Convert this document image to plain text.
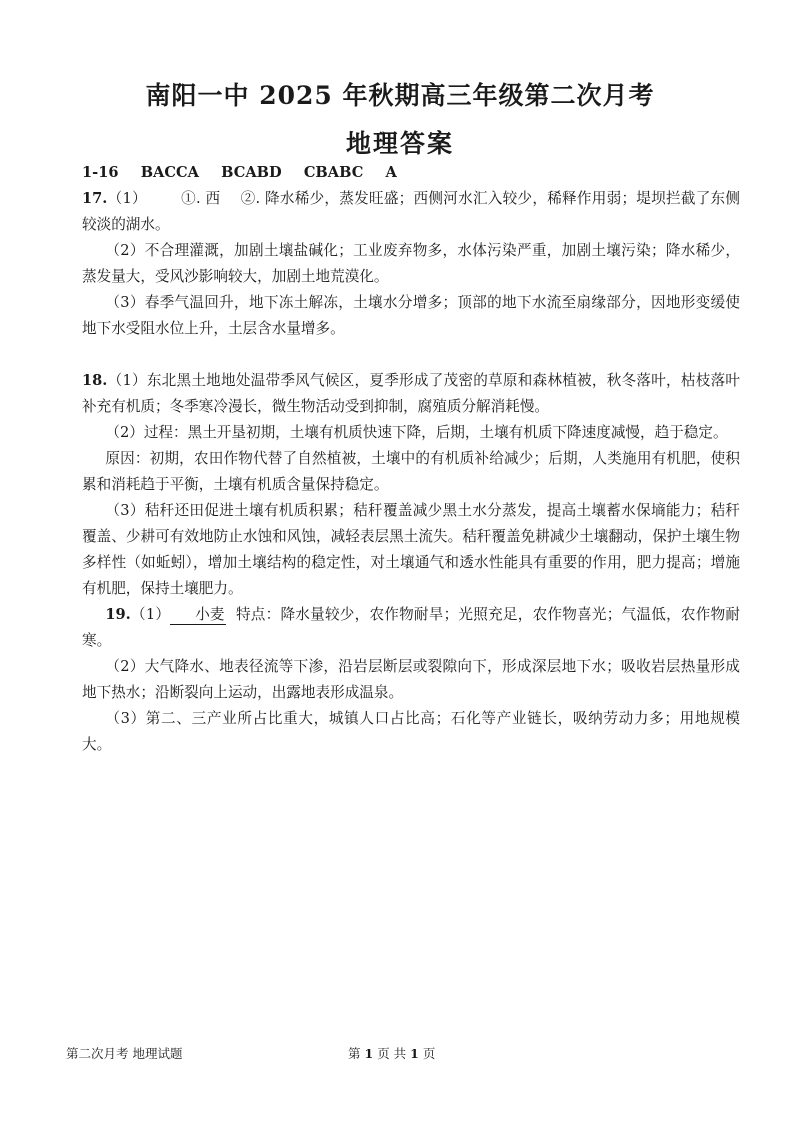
南阳一中 2025 年秋期高三年级第二次月考
地理答案

1-16 BACCA BCABD CBABC A

17.（1） ①. 西 ②. 降水稀少，蒸发旺盛；西侧河水汇入较少，稀释作用弱；堤坝拦截了东侧较淡的湖水。

（2）不合理灌溉，加剧土壤盐碱化；工业废弃物多，水体污染严重，加剧土壤污染；降水稀少，蒸发量大，受风沙影响较大，加剧土地荒漠化。

（3）春季气温回升，地下冻土解冻，土壤水分增多；顶部的地下水流至扇缘部分，因地形变缓使地下水受阻水位上升，土层含水量增多。

18.（1）东北黑土地地处温带季风气候区，夏季形成了茂密的草原和森林植被，秋冬落叶，枯枝落叶补充有机质；冬季寒冷漫长，微生物活动受到抑制，腐殖质分解消耗慢。

（2）过程：黑土开垦初期，土壤有机质快速下降，后期，土壤有机质下降速度减慢，趋于稳定。

原因：初期，农田作物代替了自然植被，土壤中的有机质补给减少；后期，人类施用有机肥，使积累和消耗趋于平衡，土壤有机质含量保持稳定。

（3）秸秆还田促进土壤有机质积累；秸秆覆盖减少黑土水分蒸发，提高土壤蓄水保墒能力；秸秆覆盖、少耕可有效地防止水蚀和风蚀，减轻表层黑土流失。秸秆覆盖免耕减少土壤翻动，保护土壤生物多样性（如蚯蚓），增加土壤结构的稳定性，对土壤通气和透水性能具有重要的作用，肥力提高；增施有机肥，保持土壤肥力。

19.（1） 小麦 特点：降水量较少，农作物耐旱；光照充足，农作物喜光；气温低，农作物耐寒。

（2）大气降水、地表径流等下渗，沿岩层断层或裂隙向下，形成深层地下水；吸收岩层热量形成地下热水；沿断裂向上运动，出露地表形成温泉。

（3）第二、三产业所占比重大，城镇人口占比高；石化等产业链长，吸纳劳动力多；用地规模大。

第二次月考 地理试题	第 1 页 共 1 页
